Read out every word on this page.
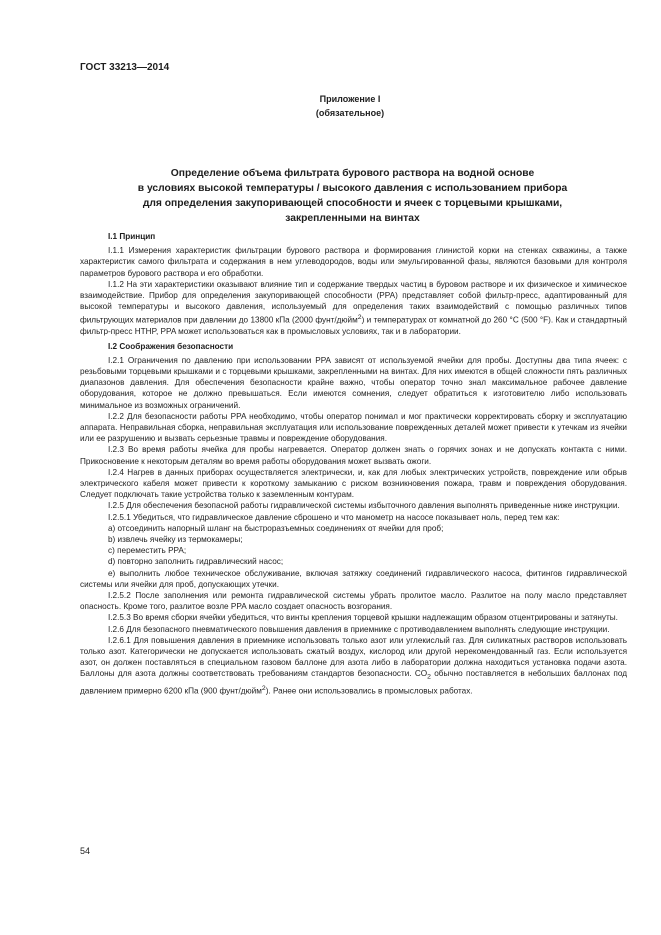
ГОСТ 33213—2014
Приложение I
(обязательное)
Определение объема фильтрата бурового раствора на водной основе
в условиях высокой температуры / высокого давления с использованием прибора
для определения закупоривающей способности и ячеек с торцевыми крышками,
закрепленными на винтах

I.1 Принцип

I.1.1 Измерения характеристик фильтрации бурового раствора и формирования глинистой корки на стенках скважины, а также характеристик самого фильтрата и содержания в нем углеводородов, воды или эмульгированной фазы, являются базовыми для контроля параметров бурового раствора и его обработки.

I.1.2 На эти характеристики оказывают влияние тип и содержание твердых частиц в буровом растворе и их физическое и химическое взаимодействие. Прибор для определения закупоривающей способности (PPA) представляет собой фильтр-пресс, адаптированный для высокой температуры и высокого давления, используемый для определения таких взаимодействий с помощью различных типов фильтрующих материалов при давлении до 13800 кПа (2000 фунт/дюйм$^2$) и температурах от комнатной до 260 °С (500 °F). Как и стандартный фильтр-пресс HTHP, PPA может использоваться как в промысловых условиях, так и в лаборатории.

I.2 Соображения безопасности

I.2.1 Ограничения по давлению при использовании PPA зависят от используемой ячейки для пробы. Доступны два типа ячеек: с резьбовыми торцевыми крышками и с торцевыми крышками, закрепленными на винтах. Для них имеются в общей сложности пять различных диапазонов давления. Для обеспечения безопасности крайне важно, чтобы оператор точно знал максимальное рабочее давление оборудования, которое не должно превышаться. Если имеются сомнения, следует обратиться к изготовителю либо использовать минимальное из возможных ограничений.

I.2.2 Для безопасности работы PPA необходимо, чтобы оператор понимал и мог практически корректировать сборку и эксплуатацию аппарата. Неправильная сборка, неправильная эксплуатация или использование поврежденных деталей может привести к утечкам из ячейки или ее разрушению и вызвать серьезные травмы и повреждение оборудования.

I.2.3 Во время работы ячейка для пробы нагревается. Оператор должен знать о горячих зонах и не допускать контакта с ними. Прикосновение к некоторым деталям во время работы оборудования может вызвать ожоги.

I.2.4 Нагрев в данных приборах осуществляется электрически, и, как для любых электрических устройств, повреждение или обрыв электрического кабеля может привести к короткому замыканию с риском возникновения пожара, травм и повреждения оборудования. Следует подключать такие устройства только к заземленным контурам.

I.2.5 Для обеспечения безопасной работы гидравлической системы избыточного давления выполнять приведенные ниже инструкции.

I.2.5.1 Убедиться, что гидравлическое давление сброшено и что манометр на насосе показывает ноль, перед тем как:

а) отсоединить напорный шланг на быстроразъемных соединениях от ячейки для проб;

b) извлечь ячейку из термокамеры;

c) переместить PPA;

d) повторно заполнить гидравлический насос;

е) выполнить любое техническое обслуживание, включая затяжку соединений гидравлического насоса, фитингов гидравлической системы или ячейки для проб, допускающих утечки.

I.2.5.2 После заполнения или ремонта гидравлической системы убрать пролитое масло. Разлитое на полу масло представляет опасность. Кроме того, разлитое возле PPA масло создает опасность возгорания.

I.2.5.3 Во время сборки ячейки убедиться, что винты крепления торцевой крышки надлежащим образом отцентрированы и затянуты.

I.2.6 Для безопасного пневматического повышения давления в приемнике с противодавлением выполнять следующие инструкции.

I.2.6.1 Для повышения давления в приемнике использовать только азот или углекислый газ. Для силикатных растворов использовать только азот. Категорически не допускается использовать сжатый воздух, кислород или другой нерекомендованный газ. Если используется азот, он должен поставляться в специальном газовом баллоне для азота либо в лаборатории должна находиться установка подачи азота. Баллоны для азота должны соответствовать требованиям стандартов безопасности. $CO_2$ обычно поставляется в небольших баллонах под давлением примерно 6200 кПа (900 фунт/дюйм$^2$). Ранее они использовались в промысловых работах.

54
